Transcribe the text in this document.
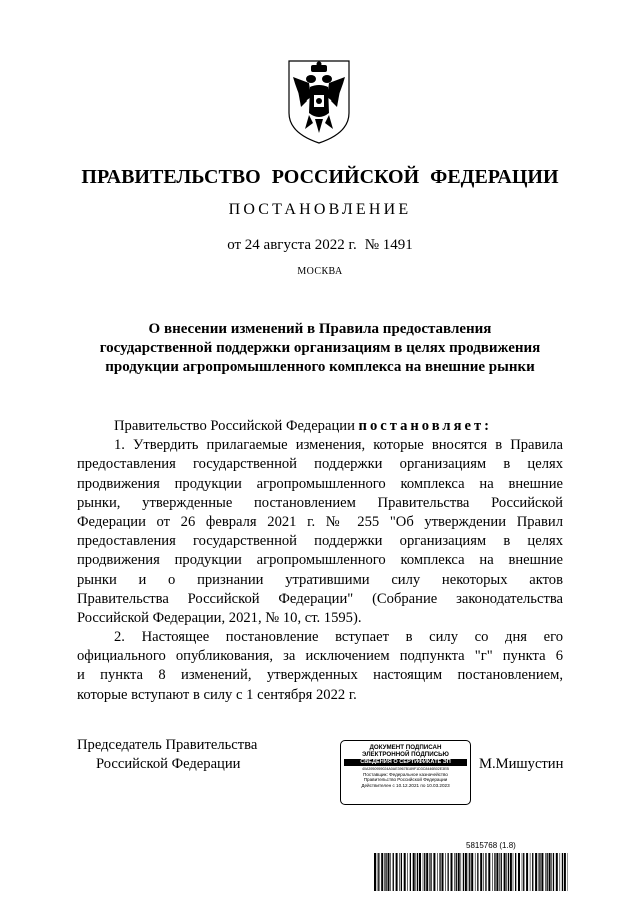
ПРАВИТЕЛЬСТВО РОССИЙСКОЙ ФЕДЕРАЦИИ
ПОСТАНОВЛЕНИЕ
от 24 августа 2022 г. № 1491
МОСКВА
О внесении изменений в Правила предоставления
государственной поддержки организациям в целях продвижения
продукции агропромышленного комплекса на внешние рынки
Правительство Российской Федерации постановляет:
1. Утвердить прилагаемые изменения, которые вносятся в Правила
предоставления государственной поддержки организациям в целях
продвижения продукции агропромышленного комплекса на внешние
рынки, утвержденные постановлением Правительства Российской
Федерации от 26 февраля 2021 г. № 255 "Об утверждении Правил
предоставления государственной поддержки организациям в целях
продвижения продукции агропромышленного комплекса на внешние
рынки и о признании утратившими силу некоторых актов
Правительства Российской Федерации" (Собрание законодательства
Российской Федерации, 2021, № 10, ст. 1595).
2. Настоящее постановление вступает в силу со дня его
официального опубликования, за исключением подпункта "г" пункта 6
и пункта 8 изменений, утвержденных настоящим постановлением,
которые вступают в силу с 1 сентября 2022 г.
Председатель Правительства
Российской Федерации
ДОКУМЕНТ ПОДПИСАН
ЭЛЕКТРОННОЙ ПОДПИСЬЮ
СВЕДЕНИЯ О СЕРТИФИКАТЕ ЭП
40A3950959024A0AE3967B189F1D3C8446B02E3EB
Поставщик: Федеральное казначейство
Правительство Российской Федерации
Действителен с 10.12.2021 по 10.03.2023
М.Мишустин
5815768 (1.8)
